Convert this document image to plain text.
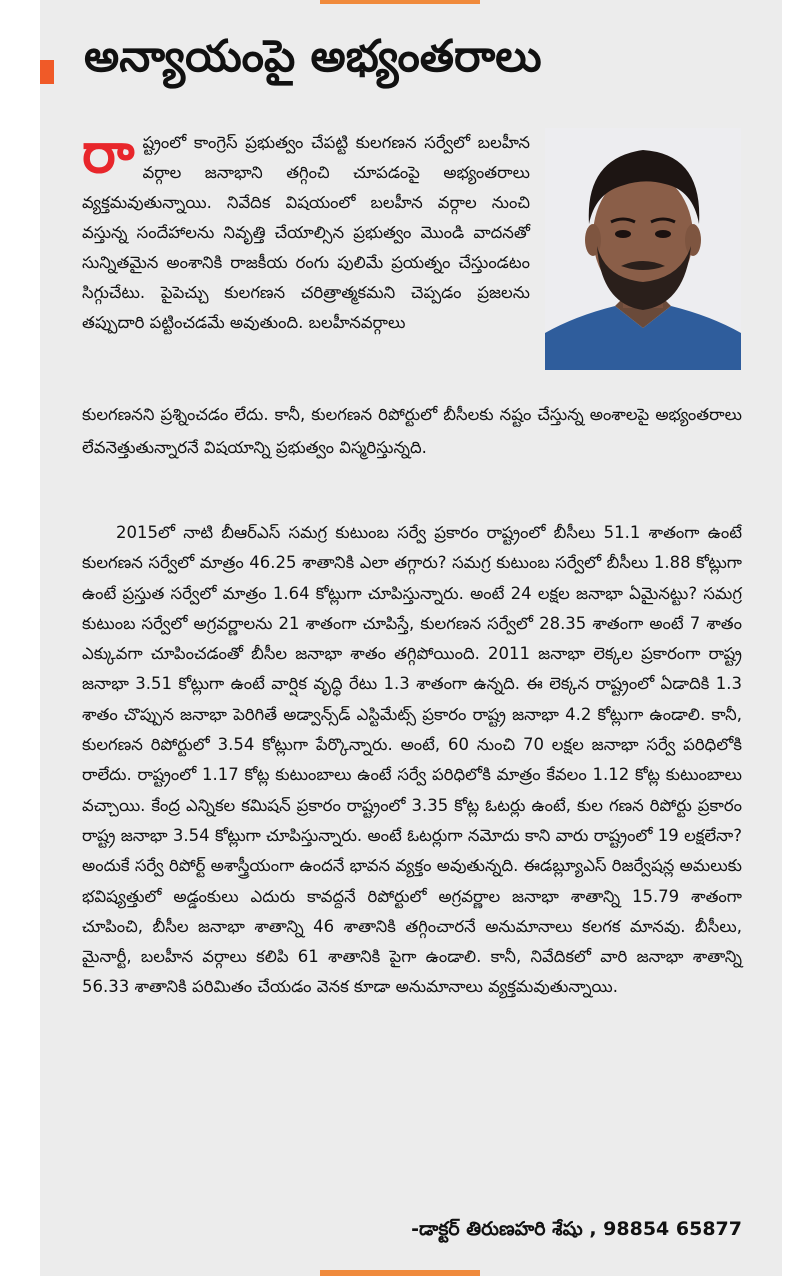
అన్యాయంపై అభ్యంతరాలు

రాష్ట్రంలో కాంగ్రెస్ ప్రభుత్వం చేపట్టి కులగణన సర్వేలో బలహీన వర్గాల జనాభాని తగ్గించి చూపడంపై అభ్యంతరాలు వ్యక్తమవుతున్నాయి. నివేదిక విషయంలో బలహీన వర్గాల నుంచి వస్తున్న సందేహాలను నివృత్తి చేయాల్సిన ప్రభుత్వం మొండి వాదనతో సున్నితమైన అంశానికి రాజకీయ రంగు పులిమే ప్రయత్నం చేస్తుండటం సిగ్గుచేటు. పైపెచ్చు కులగణన చరిత్రాత్మకమని చెప్పడం ప్రజలను తప్పుదారి పట్టించడమే అవుతుంది. బలహీనవర్గాలు

కులగణనని ప్రశ్నించడం లేదు. కానీ, కులగణన రిపోర్టులో బీసీలకు నష్టం చేస్తున్న అంశాలపై అభ్యంతరాలు లేవనెత్తుతున్నారనే విషయాన్ని ప్రభుత్వం విస్మరిస్తున్నది.

2015లో నాటి బీఆర్ఎస్ సమగ్ర కుటుంబ సర్వే ప్రకారం రాష్ట్రంలో బీసీలు 51.1 శాతంగా ఉంటే కులగణన సర్వేలో మాత్రం 46.25 శాతానికి ఎలా తగ్గారు? సమగ్ర కుటుంబ సర్వేలో బీసీలు 1.88 కోట్లుగా ఉంటే ప్రస్తుత సర్వేలో మాత్రం 1.64 కోట్లుగా చూపిస్తున్నారు. అంటే 24 లక్షల జనాభా ఏమైనట్టు? సమగ్ర కుటుంబ సర్వేలో అగ్రవర్ణాలను 21 శాతంగా చూపిస్తే, కులగణన సర్వేలో 28.35 శాతంగా అంటే 7 శాతం ఎక్కువగా చూపించడంతో బీసీల జనాభా శాతం తగ్గిపోయింది. 2011 జనాభా లెక్కల ప్రకారంగా రాష్ట్ర జనాభా 3.51 కోట్లుగా ఉంటే వార్షిక వృద్ధి రేటు 1.3 శాతంగా ఉన్నది. ఈ లెక్కన రాష్ట్రంలో ఏడాదికి 1.3 శాతం చొప్పున జనాభా పెరిగితే అడ్వాన్స్‌డ్ ఎస్టిమేట్స్ ప్రకారం రాష్ట్ర జనాభా 4.2 కోట్లుగా ఉండాలి. కానీ, కులగణన రిపోర్టులో 3.54 కోట్లుగా పేర్కొన్నారు. అంటే, 60 నుంచి 70 లక్షల జనాభా సర్వే పరిధిలోకి రాలేదు. రాష్ట్రంలో 1.17 కోట్ల కుటుంబాలు ఉంటే సర్వే పరిధిలోకి మాత్రం కేవలం 1.12 కోట్ల కుటుంబాలు వచ్చాయి. కేంద్ర ఎన్నికల కమిషన్ ప్రకారం రాష్ట్రంలో 3.35 కోట్ల ఓటర్లు ఉంటే, కుల గణన రిపోర్టు ప్రకారం రాష్ట్ర జనాభా 3.54 కోట్లుగా చూపిస్తున్నారు. అంటే ఓటర్లుగా నమోదు కాని వారు రాష్ట్రంలో 19 లక్షలేనా? అందుకే సర్వే రిపోర్ట్ అశాస్త్రీయంగా ఉందనే భావన వ్యక్తం అవుతున్నది. ఈడబ్ల్యూఎస్ రిజర్వేషన్ల అమలుకు భవిష్యత్తులో అడ్డంకులు ఎదురు కావద్దనే రిపోర్టులో అగ్రవర్ణాల జనాభా శాతాన్ని 15.79 శాతంగా చూపించి, బీసీల జనాభా శాతాన్ని 46 శాతానికి తగ్గించారనే అనుమానాలు కలగక మానవు. బీసీలు, మైనార్టీ, బలహీన వర్గాలు కలిపి 61 శాతానికి పైగా ఉండాలి. కానీ, నివేదికలో వారి జనాభా శాతాన్ని 56.33 శాతానికి పరిమితం చేయడం వెనక కూడా అనుమానాలు వ్యక్తమవుతున్నాయి.

-డాక్టర్ తిరుణహరి శేషు , 98854 65877
